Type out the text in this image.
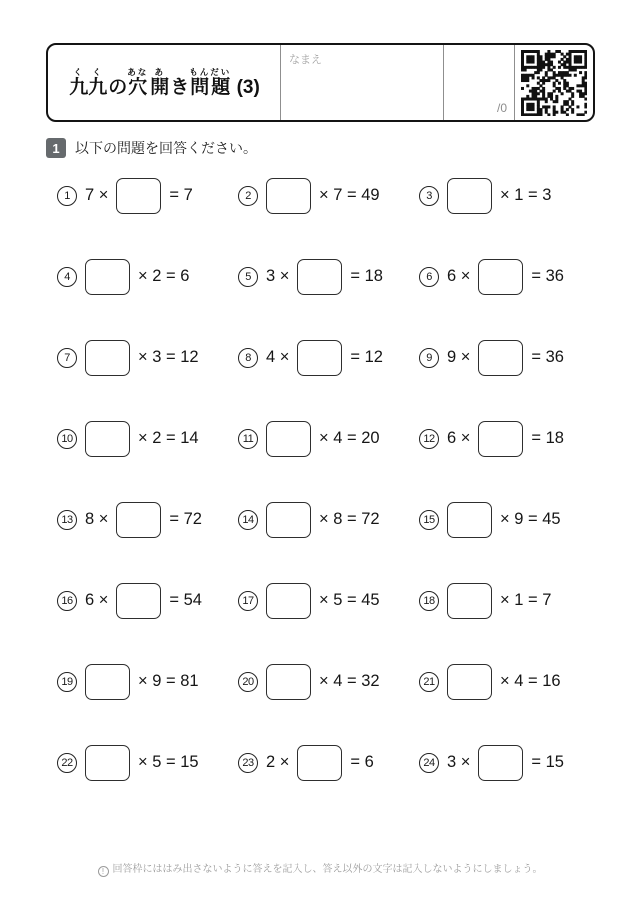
九九くくの穴あな開あき問題もんだい (3)
なまえ
/0
1	以下の問題を回答ください。
1 7 ×	= 7	2	× 7 = 49	3	× 1 = 3
4	× 2 = 6	5 3 ×	= 18	6 6 ×	= 36
7	× 3 = 12	8 4 ×	= 12	9 9 ×	= 36
10	× 2 = 14	11	× 4 = 20	12 6 ×	= 18
13 8 ×	= 72	14	× 8 = 72	15	× 9 = 45
16 6 ×	= 54	17	× 5 = 45	18	× 1 = 7
19	× 9 = 81	20	× 4 = 32	21	× 4 = 16
22	× 5 = 15	23 2 ×	= 6	24 3 ×	= 15
! 回答枠にははみ出さないように答えを記入し、答え以外の文字は記入しないようにしましょう。
